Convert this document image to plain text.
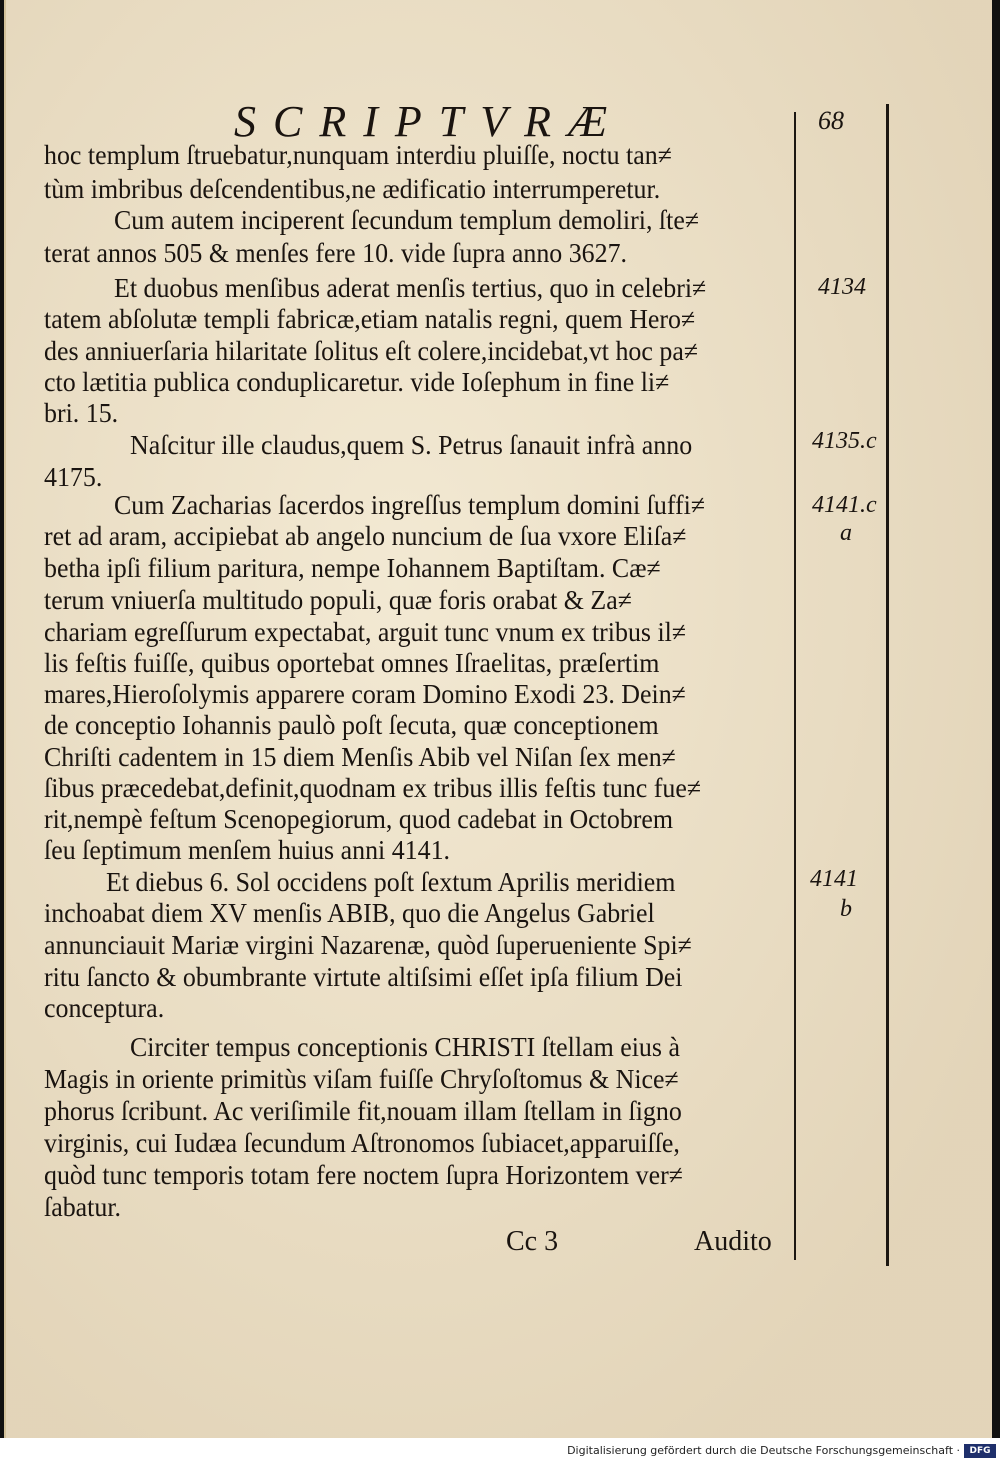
SCRIPTVRÆ	68
hoc templum ſtruebatur,nunquam interdiu pluiſſe, noctu tan≠
tùm imbribus deſcendentibus,ne ædificatio interrumperetur.
Cum autem inciperent ſecundum templum demoliri, ſte≠
terat annos 505 & menſes fere 10. vide ſupra anno 3627.
Et duobus menſibus aderat menſis tertius, quo in celebri≠
tatem abſolutæ templi fabricæ,etiam natalis regni, quem Hero≠
des anniuerſaria hilaritate ſolitus eſt colere,incidebat,vt hoc pa≠
cto lætitia publica conduplicaretur. vide Ioſephum in fine li≠
bri. 15.
Naſcitur ille claudus,quem S. Petrus ſanauit infrà anno
4175.
Cum Zacharias ſacerdos ingreſſus templum domini ſuffi≠
ret ad aram, accipiebat ab angelo nuncium de ſua vxore Eliſa≠
betha ipſi filium paritura, nempe Iohannem Baptiſtam. Cæ≠
terum vniuerſa multitudo populi, quæ foris orabat & Za≠
chariam egreſſurum expectabat, arguit tunc vnum ex tribus il≠
lis feſtis fuiſſe, quibus oportebat omnes Iſraelitas, præſertim
mares,Hieroſolymis apparere coram Domino Exodi 23. Dein≠
de conceptio Iohannis paulò poſt ſecuta, quæ conceptionem
Chriſti cadentem in 15 diem Menſis Abib vel Niſan ſex men≠
ſibus præcedebat,definit,quodnam ex tribus illis feſtis tunc fue≠
rit,nempè feſtum Scenopegiorum, quod cadebat in Octobrem
ſeu ſeptimum menſem huius anni 4141.
Et diebus 6. Sol occidens poſt ſextum Aprilis meridiem
inchoabat diem XV menſis ABIB, quo die Angelus Gabriel
annunciauit Mariæ virgini Nazarenæ, quòd ſuperueniente Spi≠
ritu ſancto & obumbrante virtute altiſsimi eſſet ipſa filium Dei
conceptura.
Circiter tempus conceptionis CHRISTI ſtellam eius à
Magis in oriente primitùs viſam fuiſſe Chryſoſtomus & Nice≠
phorus ſcribunt. Ac veriſimile fit,nouam illam ſtellam in ſigno
virginis, cui Iudæa ſecundum Aſtronomos ſubiacet,apparuiſſe,
quòd tunc temporis totam fere noctem ſupra Horizontem ver≠
ſabatur.
4134
4135.c
4141.c
a
4141
b
Cc 3	Audito
Digitalisierung gefördert durch die Deutsche Forschungsgemeinschaft ·	DFG
